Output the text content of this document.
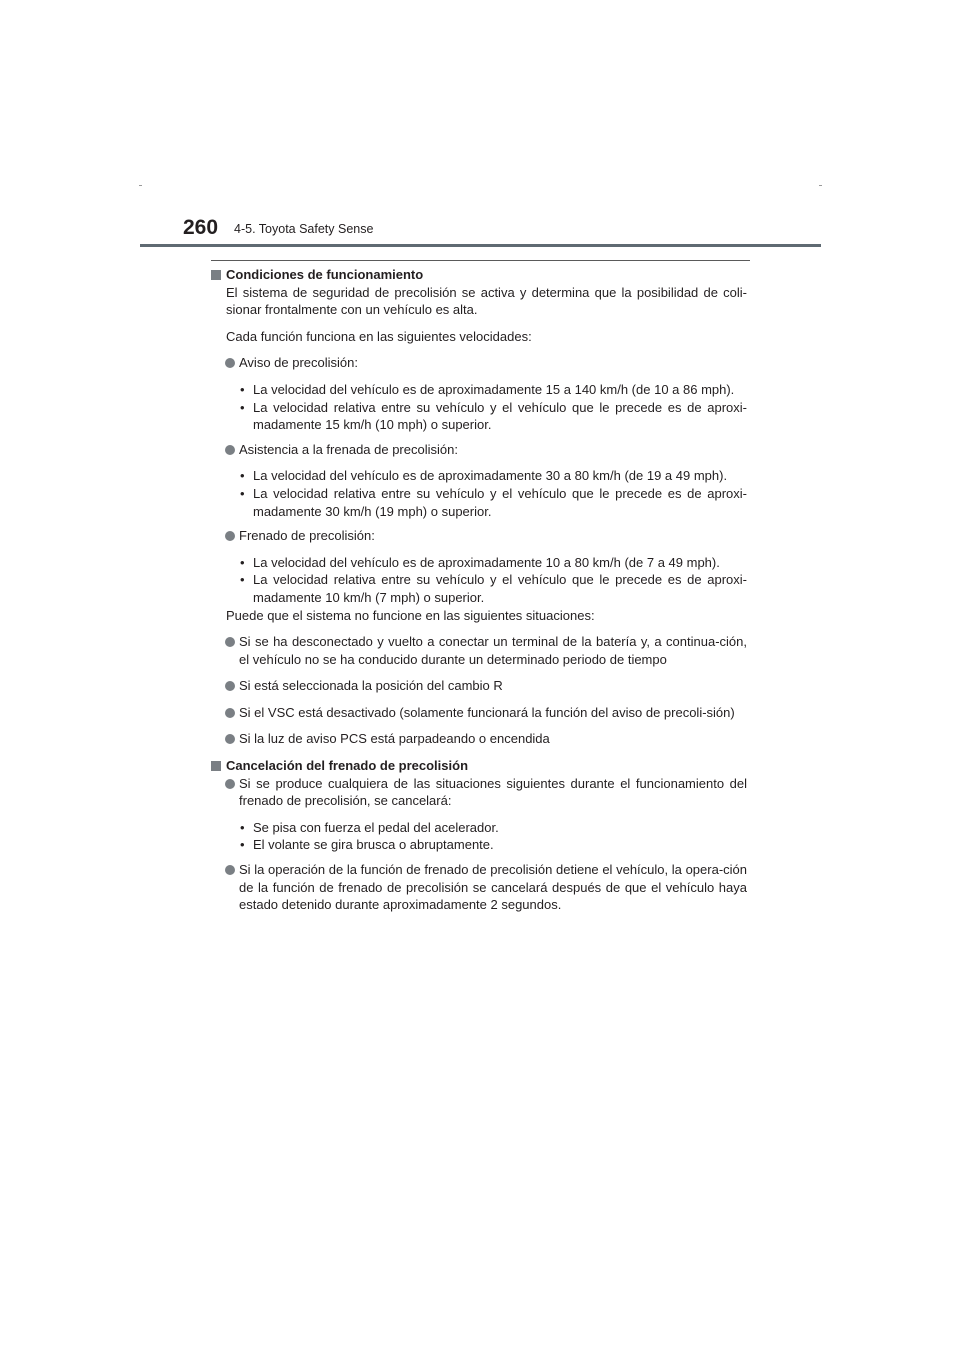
260 4-5. Toyota Safety Sense

Condiciones de funcionamiento

El sistema de seguridad de precolisión se activa y determina que la posibilidad de coli-sionar frontalmente con un vehículo es alta.

Cada función funciona en las siguientes velocidades:

Aviso de precolisión:
• La velocidad del vehículo es de aproximadamente 15 a 140 km/h (de 10 a 86 mph).
• La velocidad relativa entre su vehículo y el vehículo que le precede es de aproxi-madamente 15 km/h (10 mph) o superior.
Asistencia a la frenada de precolisión:
• La velocidad del vehículo es de aproximadamente 30 a 80 km/h (de 19 a 49 mph).
• La velocidad relativa entre su vehículo y el vehículo que le precede es de aproxi-madamente 30 km/h (19 mph) o superior.
Frenado de precolisión:
• La velocidad del vehículo es de aproximadamente 10 a 80 km/h (de 7 a 49 mph).
• La velocidad relativa entre su vehículo y el vehículo que le precede es de aproxi-madamente 10 km/h (7 mph) o superior.

Puede que el sistema no funcione en las siguientes situaciones:

Si se ha desconectado y vuelto a conectar un terminal de la batería y, a continua-ción, el vehículo no se ha conducido durante un determinado periodo de tiempo
Si está seleccionada la posición del cambio R
Si el VSC está desactivado (solamente funcionará la función del aviso de precoli-sión)
Si la luz de aviso PCS está parpadeando o encendida

Cancelación del frenado de precolisión

Si se produce cualquiera de las situaciones siguientes durante el funcionamiento del frenado de precolisión, se cancelará:
• Se pisa con fuerza el pedal del acelerador.
• El volante se gira brusca o abruptamente.
Si la operación de la función de frenado de precolisión detiene el vehículo, la opera-ción de la función de frenado de precolisión se cancelará después de que el vehículo haya estado detenido durante aproximadamente 2 segundos.
